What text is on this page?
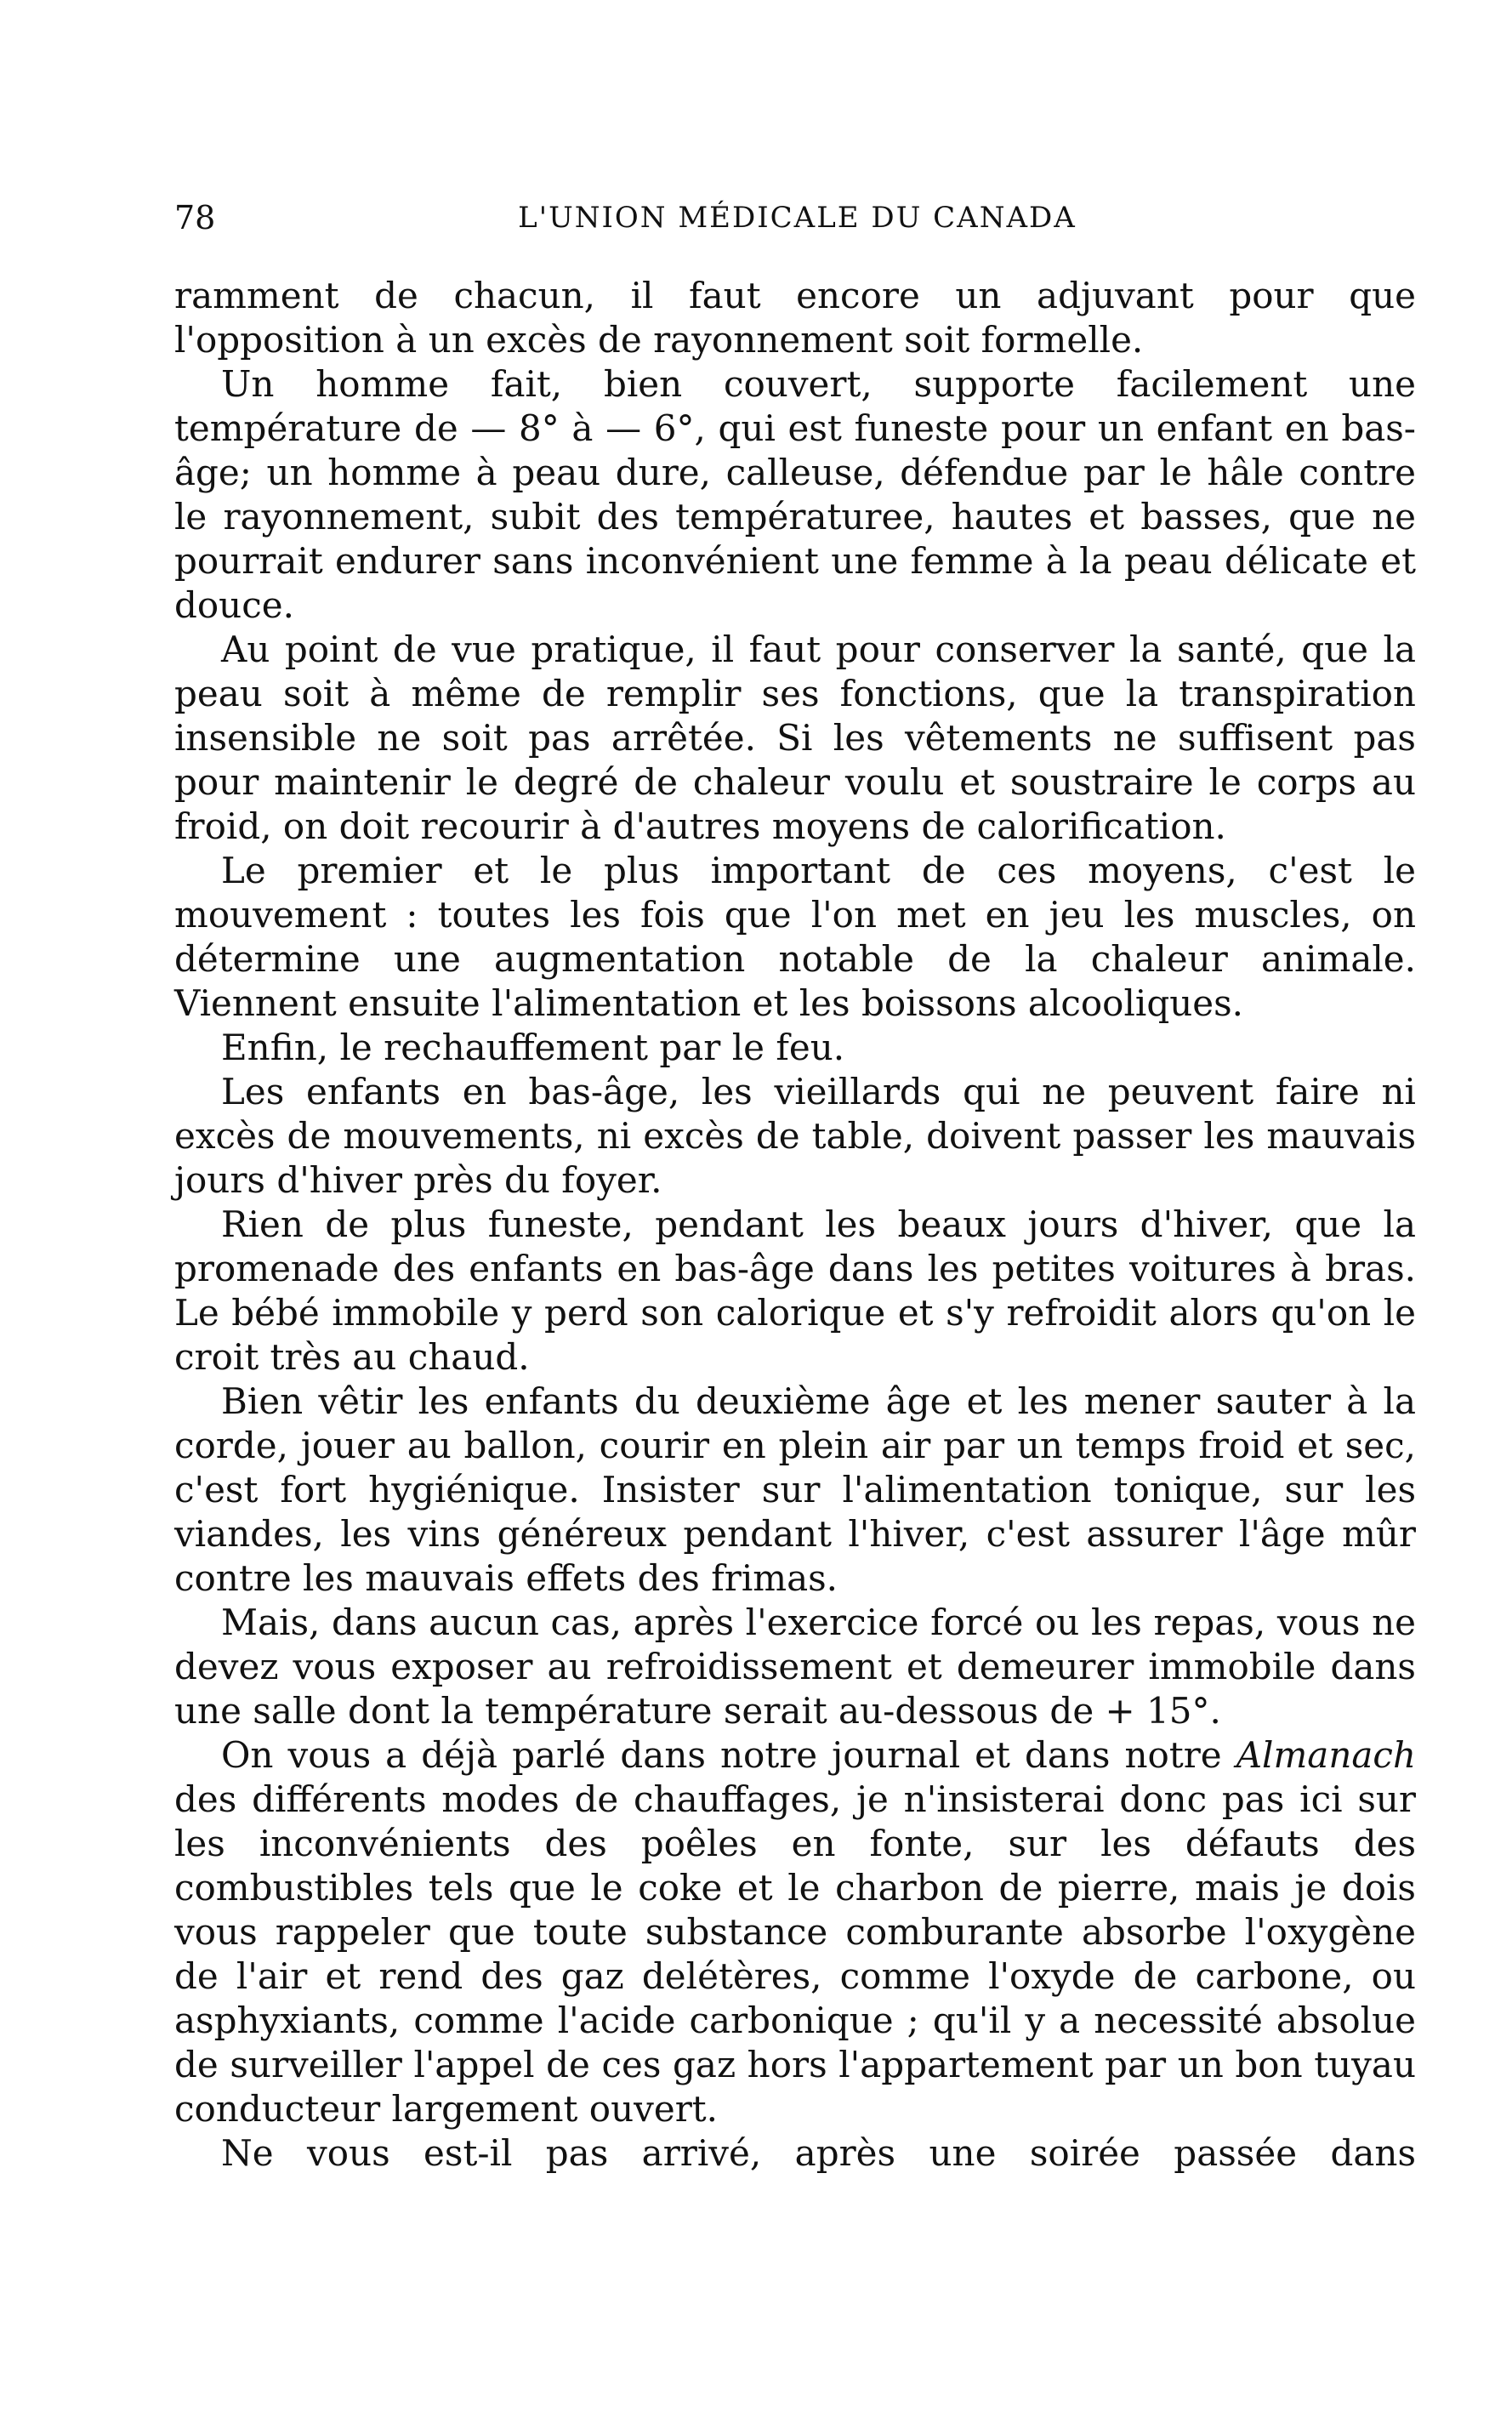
78	L'UNION MÉDICALE DU CANADA

ramment de chacun, il faut encore un adjuvant pour que l'opposition à un excès de rayonnement soit formelle.

Un homme fait, bien couvert, supporte facilement une température de — 8° à — 6°, qui est funeste pour un enfant en bas-âge; un homme à peau dure, calleuse, défendue par le hâle contre le rayonnement, subit des températuree, hautes et basses, que ne pourrait endurer sans inconvénient une femme à la peau délicate et douce.

Au point de vue pratique, il faut pour conserver la santé, que la peau soit à même de remplir ses fonctions, que la transpiration insensible ne soit pas arrêtée. Si les vêtements ne suffisent pas pour maintenir le degré de chaleur voulu et soustraire le corps au froid, on doit recourir à d'autres moyens de calorification.

Le premier et le plus important de ces moyens, c'est le mouvement : toutes les fois que l'on met en jeu les muscles, on détermine une augmentation notable de la chaleur animale. Viennent ensuite l'alimentation et les boissons alcooliques.

Enfin, le rechauffement par le feu.

Les enfants en bas-âge, les vieillards qui ne peuvent faire ni excès de mouvements, ni excès de table, doivent passer les mauvais jours d'hiver près du foyer.

Rien de plus funeste, pendant les beaux jours d'hiver, que la promenade des enfants en bas-âge dans les petites voitures à bras. Le bébé immobile y perd son calorique et s'y refroidit alors qu'on le croit très au chaud.

Bien vêtir les enfants du deuxième âge et les mener sauter à la corde, jouer au ballon, courir en plein air par un temps froid et sec, c'est fort hygiénique. Insister sur l'alimentation tonique, sur les viandes, les vins généreux pendant l'hiver, c'est assurer l'âge mûr contre les mauvais effets des frimas.

Mais, dans aucun cas, après l'exercice forcé ou les repas, vous ne devez vous exposer au refroidissement et demeurer immobile dans une salle dont la température serait au-dessous de + 15°.

On vous a déjà parlé dans notre journal et dans notre Almanach des différents modes de chauffages, je n'insisterai donc pas ici sur les inconvénients des poêles en fonte, sur les défauts des combustibles tels que le coke et le charbon de pierre, mais je dois vous rappeler que toute substance comburante absorbe l'oxygène de l'air et rend des gaz delétères, comme l'oxyde de carbone, ou asphyxiants, comme l'acide carbonique ; qu'il y a necessité absolue de surveiller l'appel de ces gaz hors l'appartement par un bon tuyau conducteur largement ouvert.

Ne vous est-il pas arrivé, après une soirée passée dans
